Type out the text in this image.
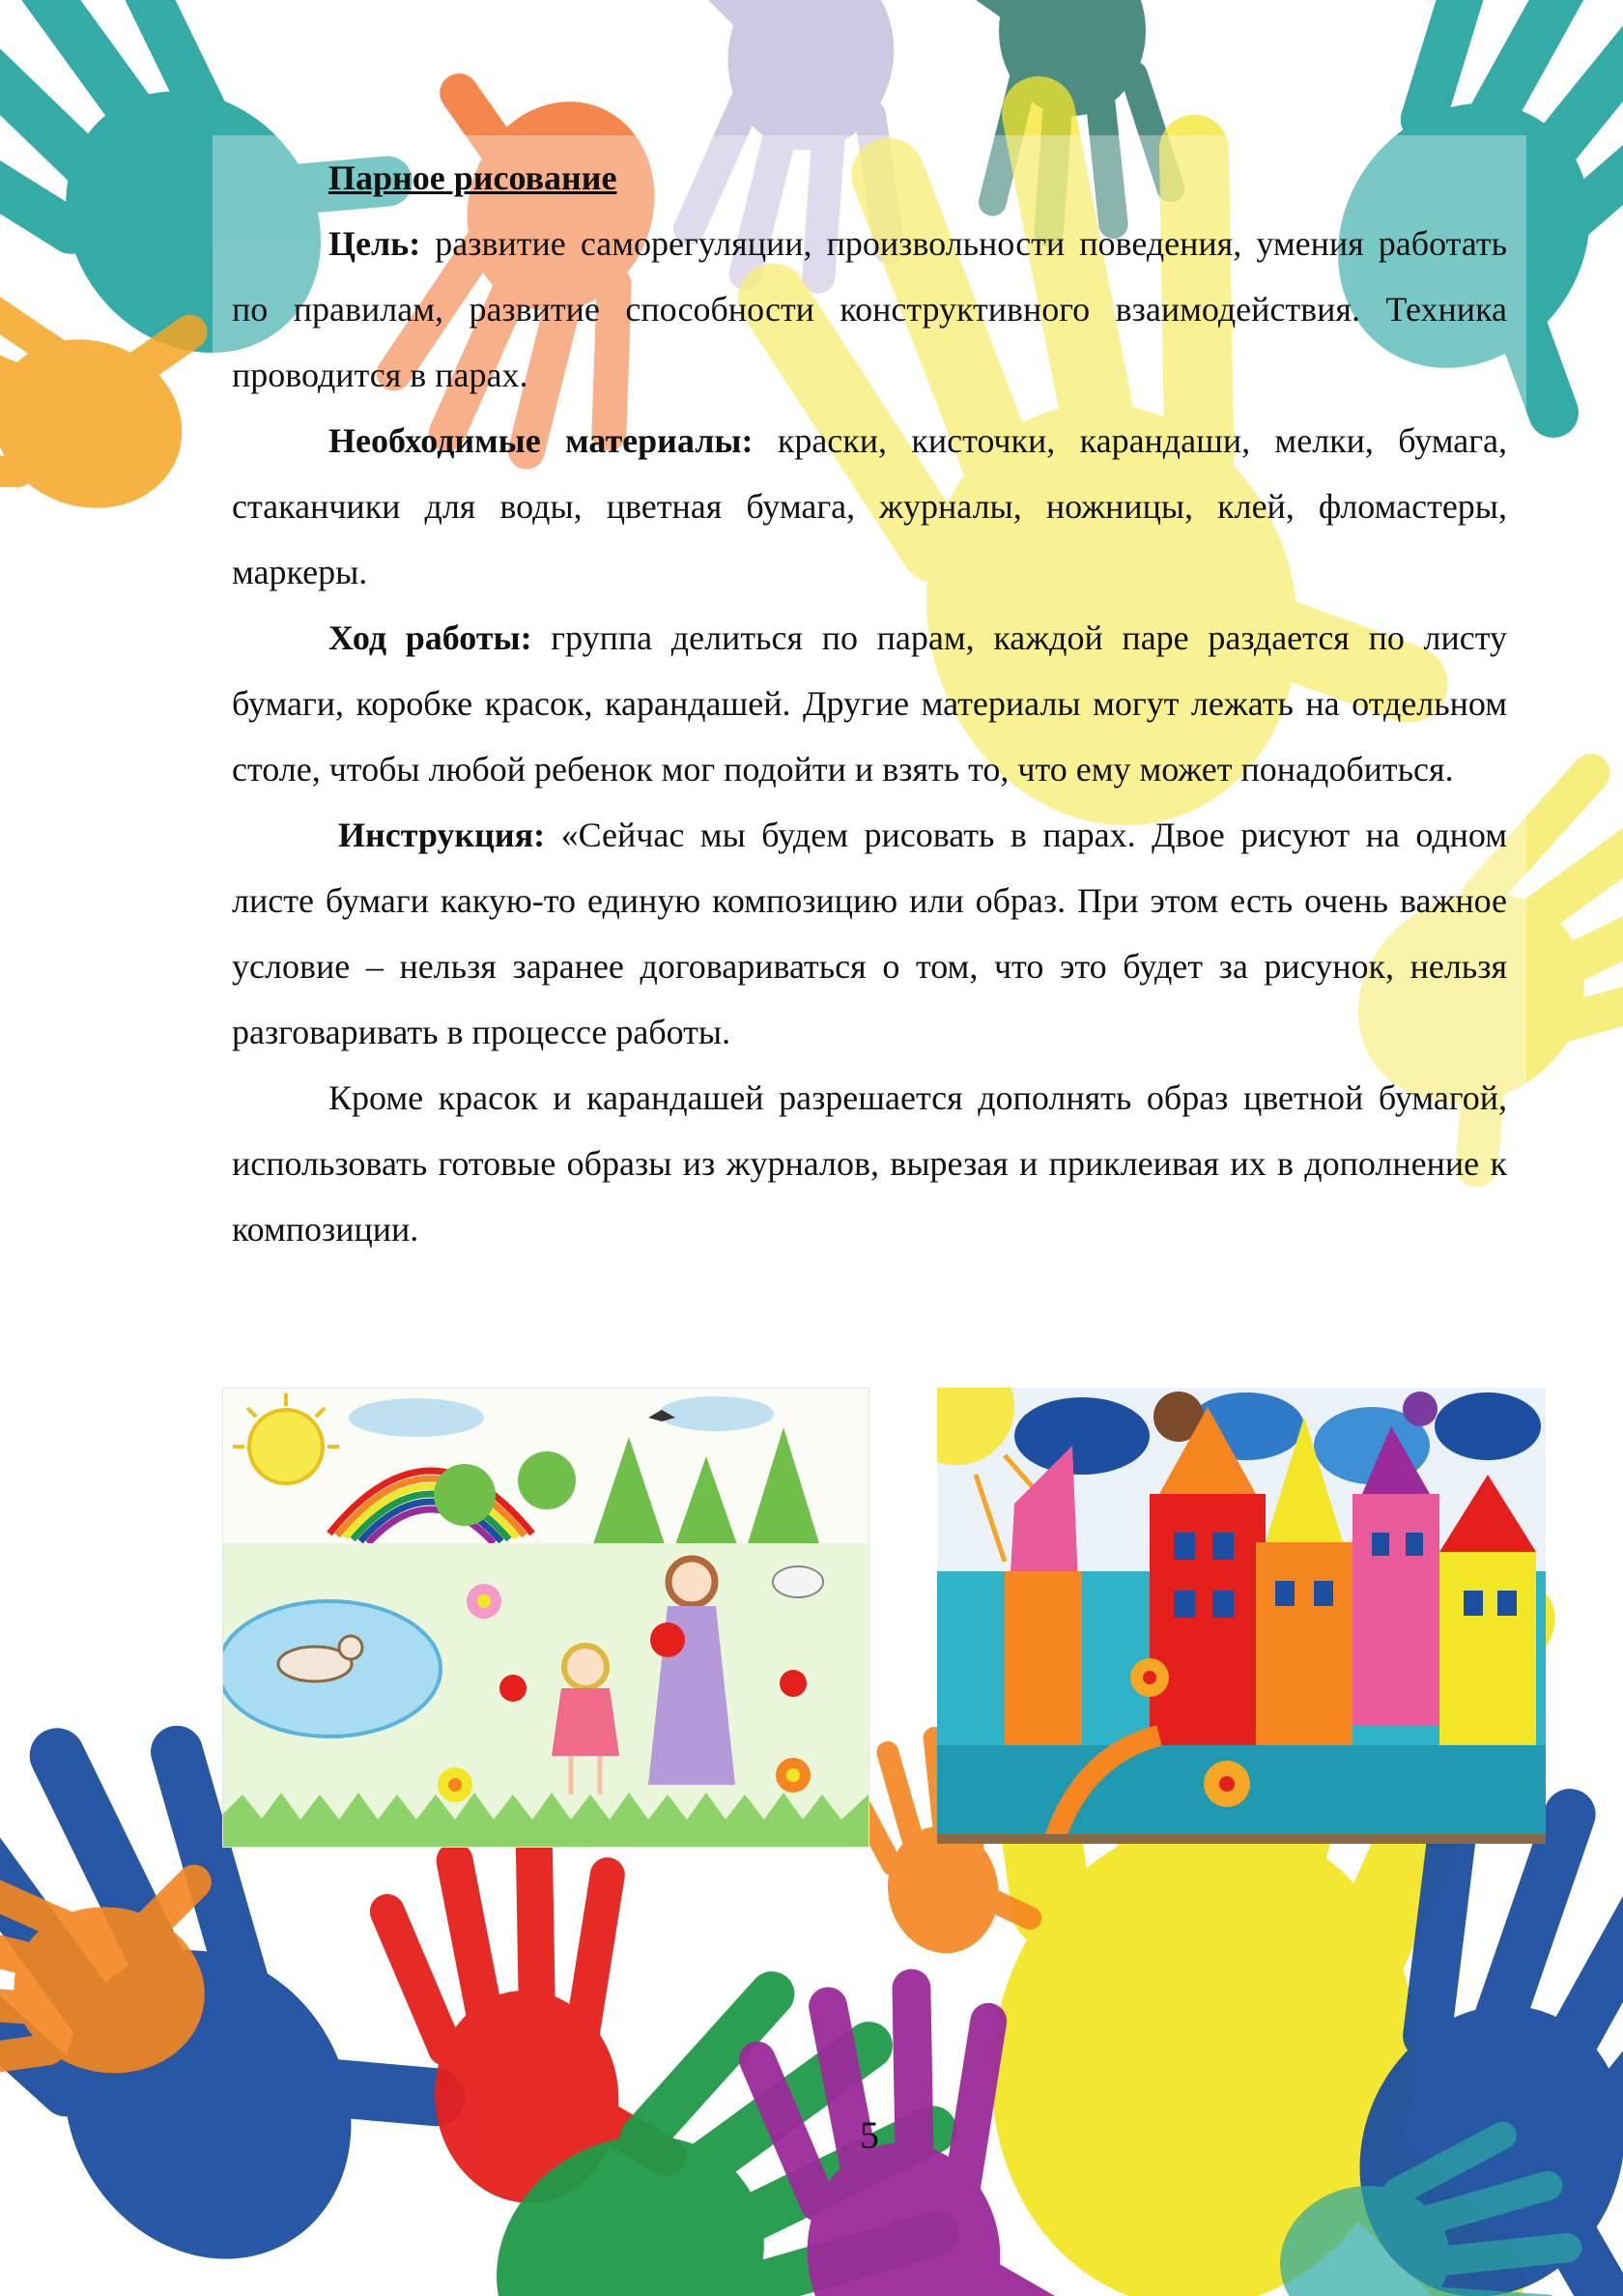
Парное рисование

Цель: развитие саморегуляции, произвольности поведения, умения работать по правилам, развитие способности конструктивного взаимодействия. Техника проводится в парах.

Необходимые материалы: краски, кисточки, карандаши, мелки, бумага, стаканчики для воды, цветная бумага, журналы, ножницы, клей, фломастеры, маркеры.

Ход работы: группа делиться по парам, каждой паре раздается по листу бумаги, коробке красок, карандашей. Другие материалы могут лежать на отдельном столе, чтобы любой ребенок мог подойти и взять то, что ему может понадобиться.

Инструкция: «Сейчас мы будем рисовать в парах. Двое рисуют на одном листе бумаги какую-то единую композицию или образ. При этом есть очень важное условие – нельзя заранее договариваться о том, что это будет за рисунок, нельзя разговаривать в процессе работы.

Кроме красок и карандашей разрешается дополнять образ цветной бумагой, использовать готовые образы из журналов, вырезая и приклеивая их в дополнение к композиции.

5
